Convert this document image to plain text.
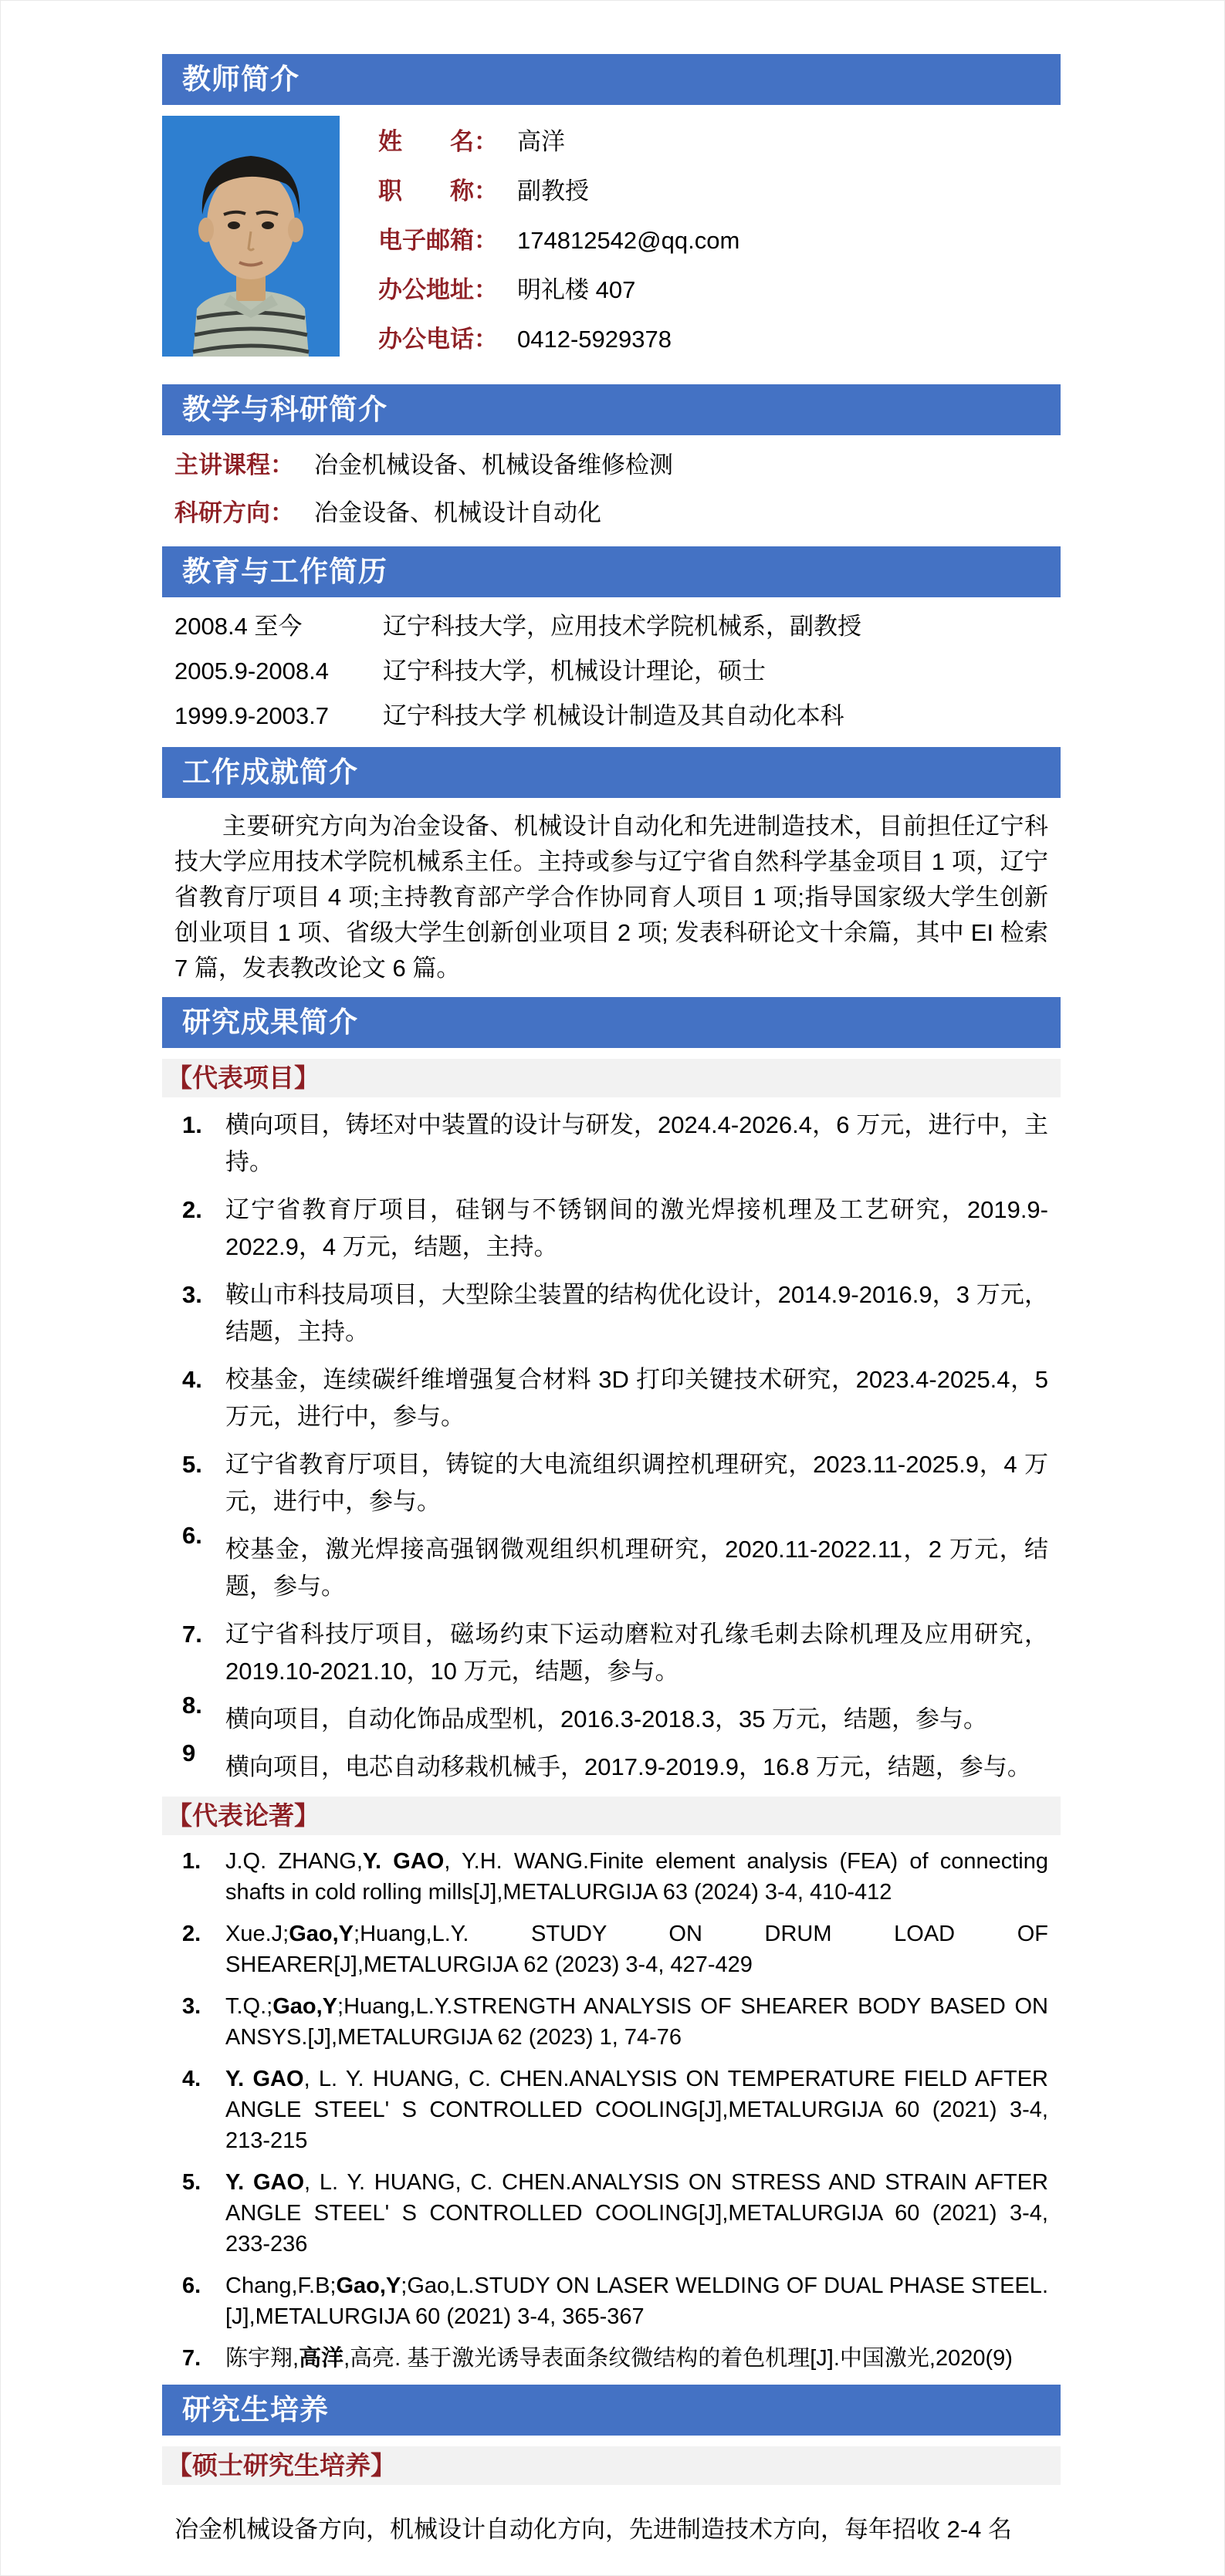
教师简介
姓　　名： 高洋
职　　称： 副教授
电子邮箱： 174812542@qq.com
办公地址： 明礼楼 407
办公电话： 0412-5929378
教学与科研简介
主讲课程： 冶金机械设备、机械设备维修检测
科研方向： 冶金设备、机械设计自动化
教育与工作简历
2008.4 至今	辽宁科技大学，应用技术学院机械系，副教授
2005.9-2008.4	辽宁科技大学，机械设计理论，硕士
1999.9-2003.7	辽宁科技大学 机械设计制造及其自动化本科
工作成就简介

主要研究方向为冶金设备、机械设计自动化和先进制造技术，目前担任辽宁科技大学应用技术学院机械系主任。主持或参与辽宁省自然科学基金项目 1 项，辽宁省教育厅项目 4 项;主持教育部产学合作协同育人项目 1 项;指导国家级大学生创新创业项目 1 项、省级大学生创新创业项目 2 项; 发表科研论文十余篇，其中 EI 检索 7 篇，发表教改论文 6 篇。

研究成果简介
【代表项目】
1. 横向项目，铸坯对中装置的设计与研发，2024.4-2026.4，6 万元，进行中，主持。
2. 辽宁省教育厅项目，硅钢与不锈钢间的激光焊接机理及工艺研究，2019.9-2022.9，4 万元，结题，主持。
3. 鞍山市科技局项目，大型除尘装置的结构优化设计，2014.9-2016.9，3 万元，结题，主持。
4. 校基金，连续碳纤维增强复合材料 3D 打印关键技术研究，2023.4-2025.4，5 万元，进行中，参与。
5. 辽宁省教育厅项目，铸锭的大电流组织调控机理研究，2023.11-2025.9，4 万元，进行中，参与。
6.
校基金，激光焊接高强钢微观组织机理研究，2020.11-2022.11，2 万元，结题，参与。
7. 辽宁省科技厅项目，磁场约束下运动磨粒对孔缘毛刺去除机理及应用研究，2019.10-2021.10，10 万元，结题，参与。
8.
横向项目，自动化饰品成型机，2016.3-2018.3，35 万元，结题，参与。
9
横向项目，电芯自动移栽机械手，2017.9-2019.9，16.8 万元，结题，参与。
【代表论著】
1. J.Q. ZHANG,Y. GAO, Y.H. WANG.Finite element analysis (FEA) of connecting shafts in cold rolling mills[J],METALURGIJA 63 (2024) 3-4, 410-412
2. Xue.J;Gao,Y;Huang,L.Y. STUDY ON DRUM LOAD OF SHEARER[J],METALURGIJA 62 (2023) 3-4, 427-429
3. T.Q.;Gao,Y;Huang,L.Y.STRENGTH ANALYSIS OF SHEARER BODY BASED ON ANSYS.[J],METALURGIJA 62 (2023) 1, 74-76
4. Y. GAO, L. Y. HUANG, C. CHEN.ANALYSIS ON TEMPERATURE FIELD AFTER ANGLE STEEL' S CONTROLLED COOLING[J],METALURGIJA 60 (2021) 3-4, 213-215
5. Y. GAO, L. Y. HUANG, C. CHEN.ANALYSIS ON STRESS AND STRAIN AFTER ANGLE STEEL' S CONTROLLED COOLING[J],METALURGIJA 60 (2021) 3-4, 233-236
6. Chang,F.B;Gao,Y;Gao,L.STUDY ON LASER WELDING OF DUAL PHASE STEEL.[J],METALURGIJA 60 (2021) 3-4, 365-367
7. 陈宇翔,高洋,高亮. 基于激光诱导表面条纹微结构的着色机理[J].中国激光,2020(9)
研究生培养
【硕士研究生培养】

冶金机械设备方向，机械设计自动化方向，先进制造技术方向，每年招收 2-4 名
